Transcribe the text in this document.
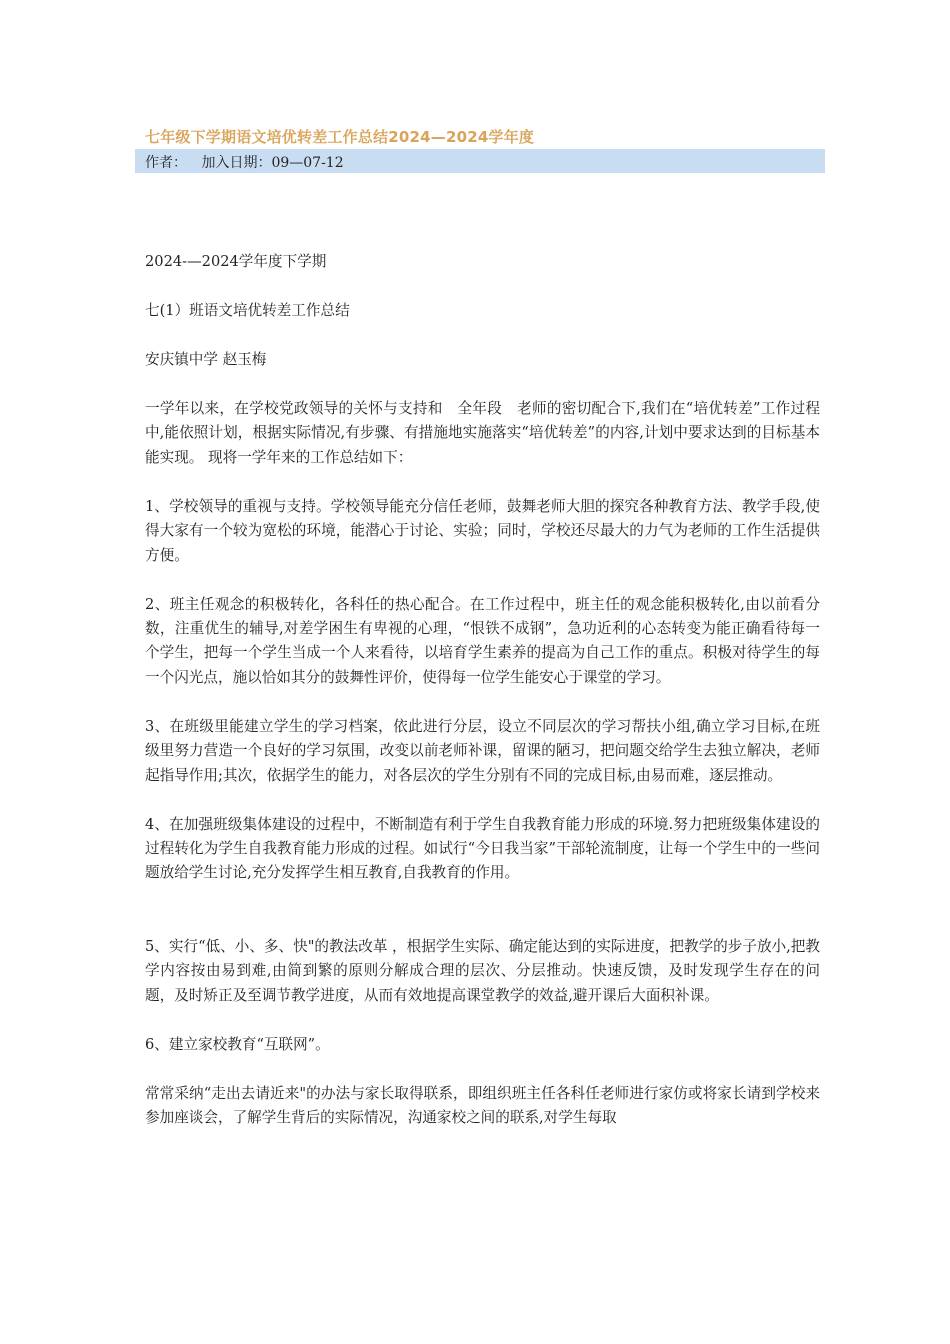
七年级下学期语文培优转差工作总结2024—2024学年度
作者： 加入日期：09—07-12

2024-—2024学年度下学期

七(1）班语文培优转差工作总结

安庆镇中学 赵玉梅

一学年以来，在学校党政领导的关怀与支持和　全年段　老师的密切配合下,我们在“培优转差”工作过程中,能依照计划，根据实际情况,有步骤、有措施地实施落实“培优转差”的内容,计划中要求达到的目标基本能实现。 现将一学年来的工作总结如下：

1、学校领导的重视与支持。学校领导能充分信任老师，鼓舞老师大胆的探究各种教育方法、教学手段,使得大家有一个较为宽松的环境，能潜心于讨论、实验；同时，学校还尽最大的力气为老师的工作生活提供方便。

2、班主任观念的积极转化，各科任的热心配合。在工作过程中，班主任的观念能积极转化,由以前看分数，注重优生的辅导,对差学困生有卑视的心理，“恨铁不成钢”，急功近利的心态转变为能正确看待每一个学生，把每一个学生当成一个人来看待，以培育学生素养的提高为自己工作的重点。积极对待学生的每一个闪光点，施以恰如其分的鼓舞性评价，使得每一位学生能安心于课堂的学习。

3、在班级里能建立学生的学习档案，依此进行分层，设立不同层次的学习帮扶小组,确立学习目标,在班级里努力营造一个良好的学习氛围，改变以前老师补课，留课的陋习，把问题交给学生去独立解决，老师起指导作用;其次，依据学生的能力，对各层次的学生分别有不同的完成目标,由易而难，逐层推动。

4、在加强班级集体建设的过程中，不断制造有利于学生自我教育能力形成的环境.努力把班级集体建设的过程转化为学生自我教育能力形成的过程。如试行“今日我当家”干部轮流制度，让每一个学生中的一些问题放给学生讨论,充分发挥学生相互教育,自我教育的作用。

5、实行“低、小、多、快"的教法改革 ，根据学生实际、确定能达到的实际进度，把教学的步子放小,把教学内容按由易到难,由简到繁的原则分解成合理的层次、分层推动。快速反馈，及时发现学生存在的问题，及时矫正及至调节教学进度，从而有效地提高课堂教学的效益,避开课后大面积补课。

6、建立家校教育“互联网”。

常常采纳“走出去请近来"的办法与家长取得联系，即组织班主任各科任老师进行家仿或将家长请到学校来参加座谈会，了解学生背后的实际情况，沟通家校之间的联系,对学生每取
